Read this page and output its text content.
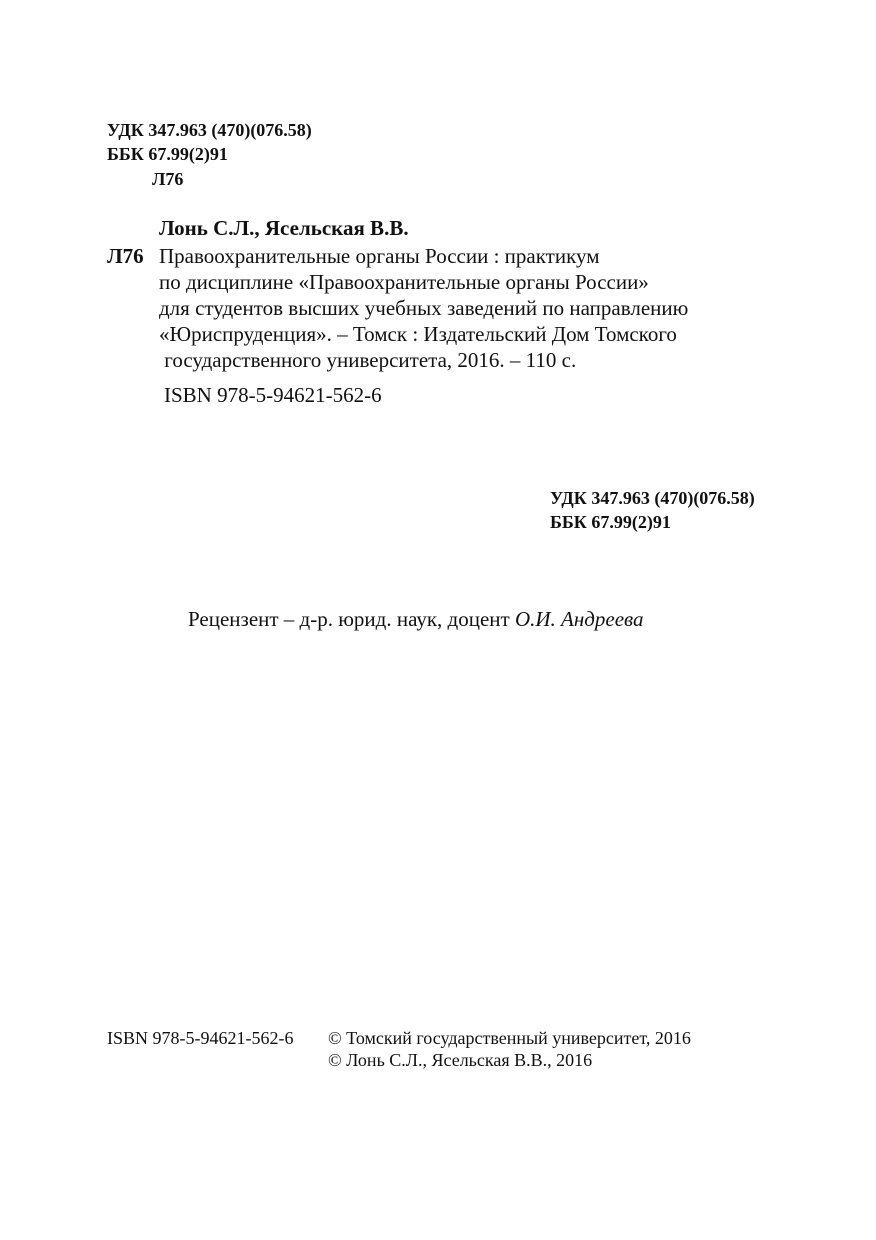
УДК 347.963 (470)(076.58)
ББК 67.99(2)91
Л76
Лонь С.Л., Ясельская В.В.
Л76 Правоохранительные органы России : практикум
по дисциплине «Правоохранительные органы России»
для студентов высших учебных заведений по направлению
«Юриспруденция». – Томск : Издательский Дом Томского
государственного университета, 2016. – 110 с.
ISBN 978-5-94621-562-6
УДК 347.963 (470)(076.58)
ББК 67.99(2)91
Рецензент – д-р. юрид. наук, доцент О.И. Андреева
ISBN 978-5-94621-562-6 © Томский государственный университет, 2016
© Лонь С.Л., Ясельская В.В., 2016
